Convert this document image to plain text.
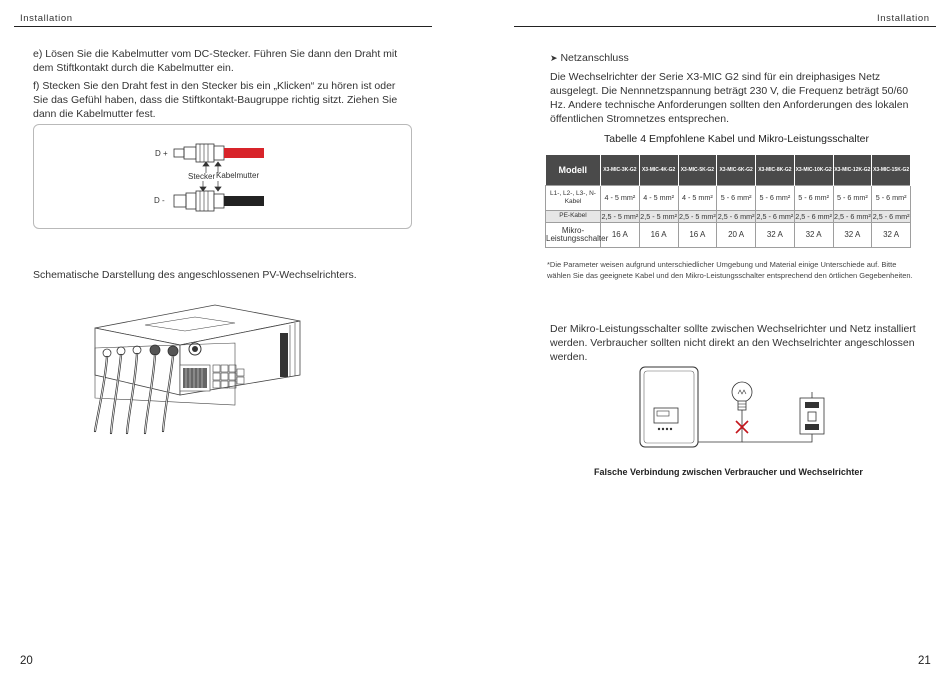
Installation
e) Lösen Sie die Kabelmutter vom DC-Stecker. Führen Sie dann den Draht mit dem Stiftkontakt durch die Kabelmutter ein.
f) Stecken Sie den Draht fest in den Stecker bis ein „Klicken“ zu hören ist oder Sie das Gefühl haben, dass die Stiftkontakt-Baugruppe richtig sitzt. Ziehen Sie dann die Kabelmutter fest.
D +
D -
Stecker Kabelmutter
Schematische Darstellung des angeschlossenen PV-Wechselrichters.
20
Installation
➤ Netzanschluss
Die Wechselrichter der Serie X3-MIC G2 sind für ein dreiphasiges Netz ausgelegt. Die Nennnetzspannung beträgt 230 V, die Frequenz beträgt 50/60 Hz. Andere technische Anforderungen sollten den Anforderungen des lokalen öffentlichen Stromnetzes entsprechen.
Tabelle 4 Empfohlene Kabel und Mikro-Leistungsschalter
Modell	X3-MIC-3K-G2	X3-MIC-4K-G2	X3-MIC-5K-G2	X3-MIC-6K-G2	X3-MIC-8K-G2	X3-MIC-10K-G2	X3-MIC-12K-G2	X3-MIC-15K-G2
L1-, L2-, L3-, N-Kabel	4 - 5 mm²	4 - 5 mm²	4 - 5 mm²	5 - 6 mm²	5 - 6 mm²	5 - 6 mm²	5 - 6 mm²	5 - 6 mm²
PE-Kabel	2,5 - 5 mm²	2,5 - 5 mm²	2,5 - 5 mm²	2,5 - 6 mm²	2,5 - 6 mm²	2,5 - 6 mm²	2,5 - 6 mm²	2,5 - 6 mm²
Mikro-Leistungsschalter	16 A	16 A	16 A	20 A	32 A	32 A	32 A	32 A
*Die Parameter weisen aufgrund unterschiedlicher Umgebung und Material einige Unterschiede auf. Bitte wählen Sie das geeignete Kabel und den Mikro-Leistungsschalter entsprechend den örtlichen Gegebenheiten.
Der Mikro-Leistungsschalter sollte zwischen Wechselrichter und Netz installiert werden. Verbraucher sollten nicht direkt an den Wechselrichter angeschlossen werden.
Falsche Verbindung zwischen Verbraucher und Wechselrichter
21
